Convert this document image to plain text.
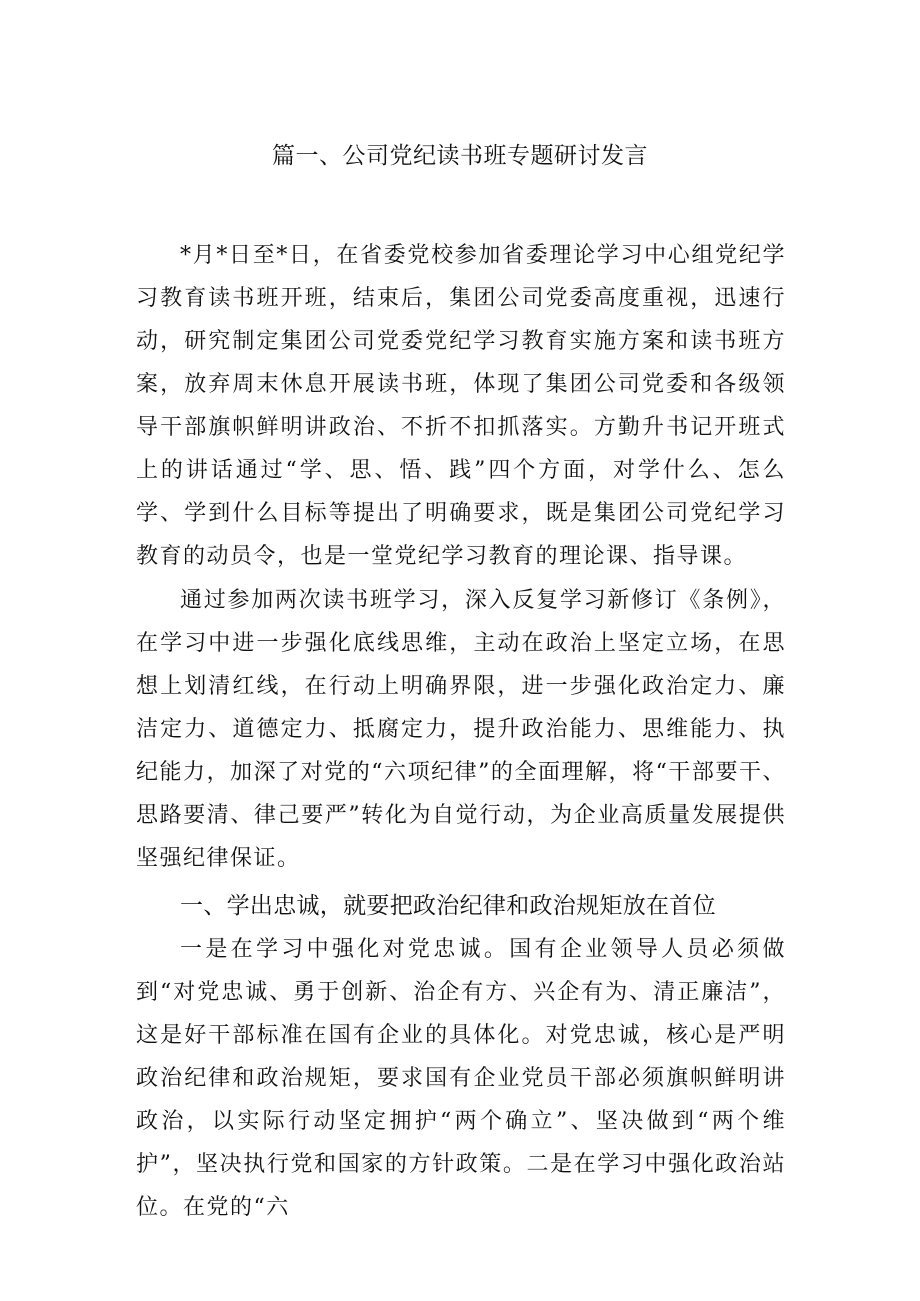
篇一、公司党纪读书班专题研讨发言

*月*日至*日，在省委党校参加省委理论学习中心组党纪学习教育读书班开班，结束后，集团公司党委高度重视，迅速行动，研究制定集团公司党委党纪学习教育实施方案和读书班方案，放弃周末休息开展读书班，体现了集团公司党委和各级领导干部旗帜鲜明讲政治、不折不扣抓落实。方勤升书记开班式上的讲话通过“学、思、悟、践”四个方面，对学什么、怎么学、学到什么目标等提出了明确要求，既是集团公司党纪学习教育的动员令，也是一堂党纪学习教育的理论课、指导课。

通过参加两次读书班学习，深入反复学习新修订《条例》，在学习中进一步强化底线思维，主动在政治上坚定立场，在思想上划清红线，在行动上明确界限，进一步强化政治定力、廉洁定力、道德定力、抵腐定力，提升政治能力、思维能力、执纪能力，加深了对党的“六项纪律”的全面理解，将“干部要干、思路要清、律己要严”转化为自觉行动，为企业高质量发展提供坚强纪律保证。

一、学出忠诚，就要把政治纪律和政治规矩放在首位

一是在学习中强化对党忠诚。国有企业领导人员必须做到“对党忠诚、勇于创新、治企有方、兴企有为、清正廉洁”，这是好干部标准在国有企业的具体化。对党忠诚，核心是严明政治纪律和政治规矩，要求国有企业党员干部必须旗帜鲜明讲政治，以实际行动坚定拥护“两个确立”、坚决做到“两个维护”，坚决执行党和国家的方针政策。二是在学习中强化政治站位。在党的“六
